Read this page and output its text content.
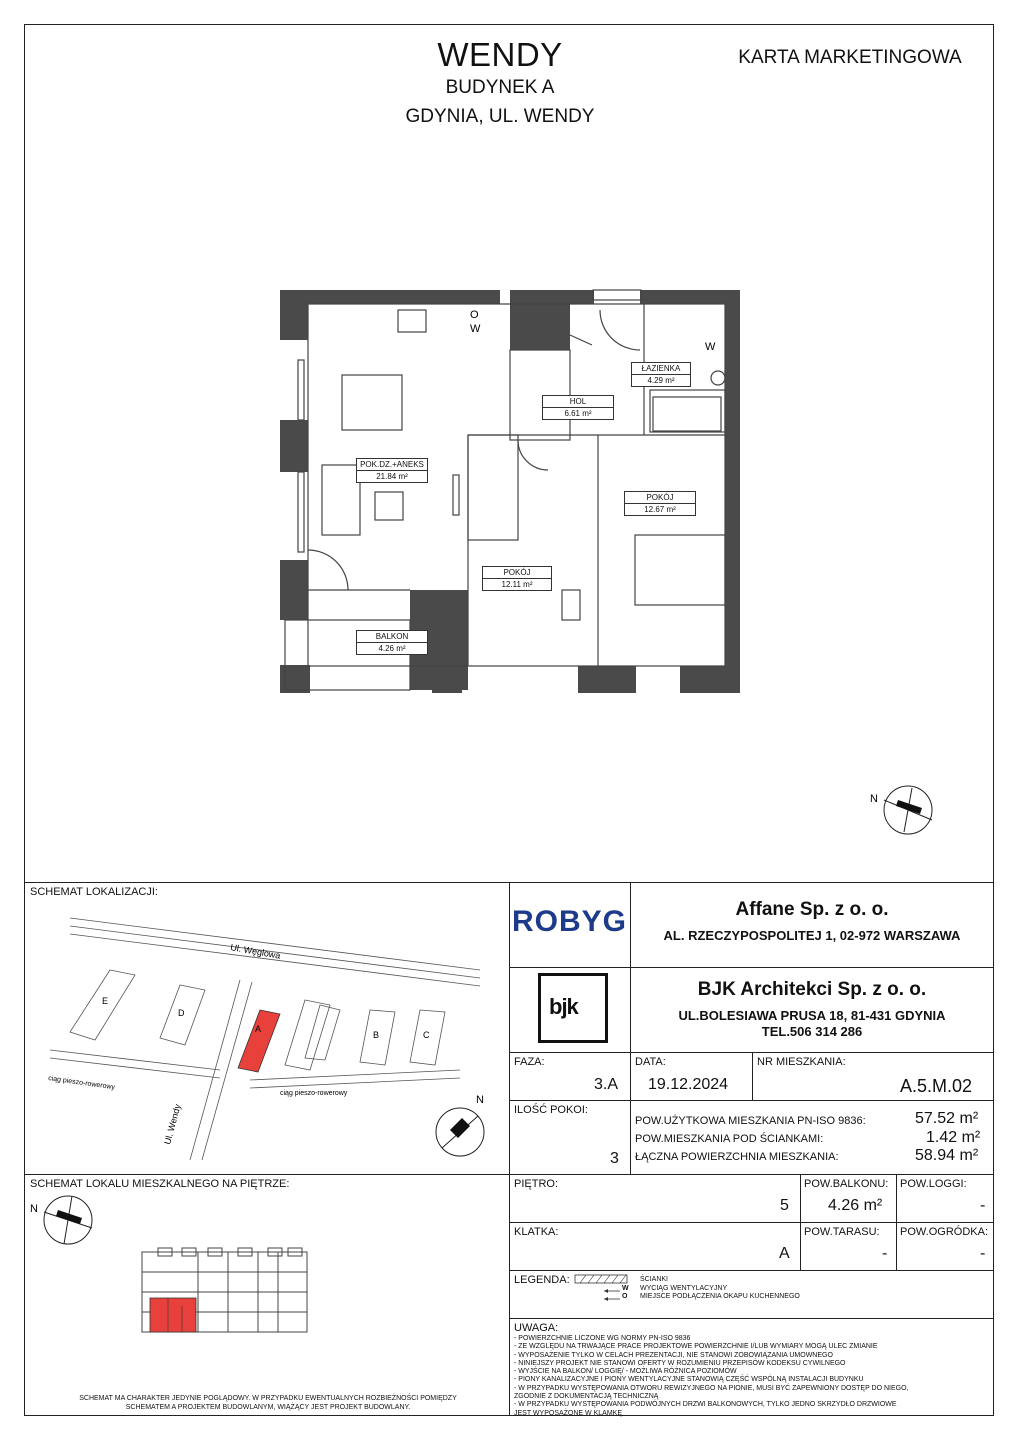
WENDY
BUDYNEK A
GDYNIA, UL. WENDY
KARTA MARKETINGOWA
O
W
W
ŁAZIENKA
4.29 m²
HOL
6.61 m²
POK.DZ.+ANEKS
21.84 m²
POKÓJ
12.67 m²
POKÓJ
12.11 m²
BALKON
4.26 m²
N
SCHEMAT LOKALIZACJI:
Ul. Węglowa
Ul. Wendy
ciąg pieszo-rowerowy
ciąg pieszo-rowerowy
E
D
A
B	C
N
ROBYG	Affane Sp. z o. o.
AL. RZECZYPOSPOLITEJ 1, 02-972 WARSZAWA
bjk
BJK Architekci Sp. z o. o.
UL.BOLESIAWA PRUSA 18, 81-431 GDYNIA
TEL.506 314 286
FAZA:
3.A
DATA:
19.12.2024
NR MIESZKANIA:
A.5.M.02
ILOŚĆ POKOI:
3
POW.UŻYTKOWA MIESZKANIA PN-ISO 9836:	57.52 m²
POW.MIESZKANIA POD ŚCIANKAMI:	1.42 m²
ŁĄCZNA POWIERZCHNIA MIESZKANIA:	58.94 m²
PIĘTRO:
5
POW.BALKONU:
4.26 m²
POW.LOGGI:
-
KLATKA:
A
POW.TARASU:
-
POW.OGRÓDKA:
-
LEGENDA:	ŚCIANKI
W WYCIĄG WENTYLACYJNY
O MIEJSCE PODŁĄCZENIA OKAPU KUCHENNEGO
UWAGA:
- POWIERZCHNIE LICZONE WG NORMY PN-ISO 9836
- ZE WZGLĘDU NA TRWAJĄCE PRACE PROJEKTOWE POWIERZCHNIE I/LUB WYMIARY MOGĄ ULEC ZMIANIE
- WYPOSAŻENIE TYLKO W CELACH PREZENTACJI, NIE STANOWI ZOBOWIĄZANIA UMOWNEGO
- NINIEJSZY PROJEKT NIE STANOWI OFERTY W ROZUMIENIU PRZEPISÓW KODEKSU CYWILNEGO
- WYJŚCIE NA BALKON/ LOGGIĘ/ - MOŻLIWA RÓŻNICA POZIOMÓW
- PIONY KANALIZACYJNE I PIONY WENTYLACYJNE STANOWIĄ CZĘŚĆ WSPÓLNĄ INSTALACJI BUDYNKU
- W PRZYPADKU WYSTĘPOWANIA OTWORU REWIZYJNEGO NA PIONIE, MUSI BYĆ ZAPEWNIONY DOSTĘP DO NIEGO,
ZGODNIE Z DOKUMENTACJĄ TECHNICZNĄ
- W PRZYPADKU WYSTĘPOWANIA PODWÓJNYCH DRZWI BALKONOWYCH, TYLKO JEDNO SKRZYDŁO DRZWIOWE
JEST WYPOSAŻONE W KLAMKĘ
SCHEMAT LOKALU MIESZKALNEGO NA PIĘTRZE:
N
SCHEMAT MA CHARAKTER JEDYNIE POGLĄDOWY. W PRZYPADKU EWENTUALNYCH ROZBIEŻNOŚCI POMIĘDZY
SCHEMATEM A PROJEKTEM BUDOWLANYM, WIĄŻĄCY JEST PROJEKT BUDOWLANY.
